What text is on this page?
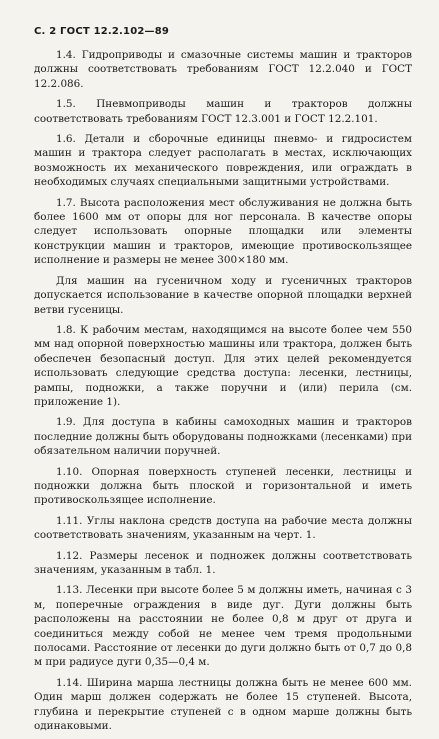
С. 2 ГОСТ 12.2.102—89

1.4. Гидроприводы и смазочные системы машин и тракторов должны соответствовать требованиям ГОСТ 12.2.040 и ГОСТ 12.2.086.

1.5. Пневмоприводы машин и тракторов должны соответствовать требованиям ГОСТ 12.3.001 и ГОСТ 12.2.101.

1.6. Детали и сборочные единицы пневмо- и гидросистем машин и трактора следует располагать в местах, исключающих возможность их механического повреждения, или ограждать в необходимых случаях специальными защитными устройствами.

1.7. Высота расположения мест обслуживания не должна быть более 1600 мм от опоры для ног персонала. В качестве опоры следует использовать опорные площадки или элементы конструкции машин и тракторов, имеющие противоскользящее исполнение и размеры не менее 300×180 мм.

Для машин на гусеничном ходу и гусеничных тракторов допускается использование в качестве опорной площадки верхней ветви гусеницы.

1.8. К рабочим местам, находящимся на высоте более чем 550 мм над опорной поверхностью машины или трактора, должен быть обеспечен безопасный доступ. Для этих целей рекомендуется использовать следующие средства доступа: лесенки, лестницы, рампы, подножки, а также поручни и (или) перила (см. приложение 1).

1.9. Для доступа в кабины самоходных машин и тракторов последние должны быть оборудованы подножками (лесенками) при обязательном наличии поручней.

1.10. Опорная поверхность ступеней лесенки, лестницы и подножки должна быть плоской и горизонтальной и иметь противоскользящее исполнение.

1.11. Углы наклона средств доступа на рабочие места должны соответствовать значениям, указанным на черт. 1.

1.12. Размеры лесенок и подножек должны соответствовать значениям, указанным в табл. 1.

1.13. Лесенки при высоте более 5 м должны иметь, начиная с 3 м, поперечные ограждения в виде дуг. Дуги должны быть расположены на расстоянии не более 0,8 м друг от друга и соединиться между собой не менее чем тремя продольными полосами. Расстояние от лесенки до дуги должно быть от 0,7 до 0,8 м при радиусе дуги 0,35—0,4 м.

1.14. Ширина марша лестницы должна быть не менее 600 мм. Один марш должен содержать не более 15 ступеней. Высота, глубина и перекрытие ступеней с в одном марше должны быть одинаковыми.
